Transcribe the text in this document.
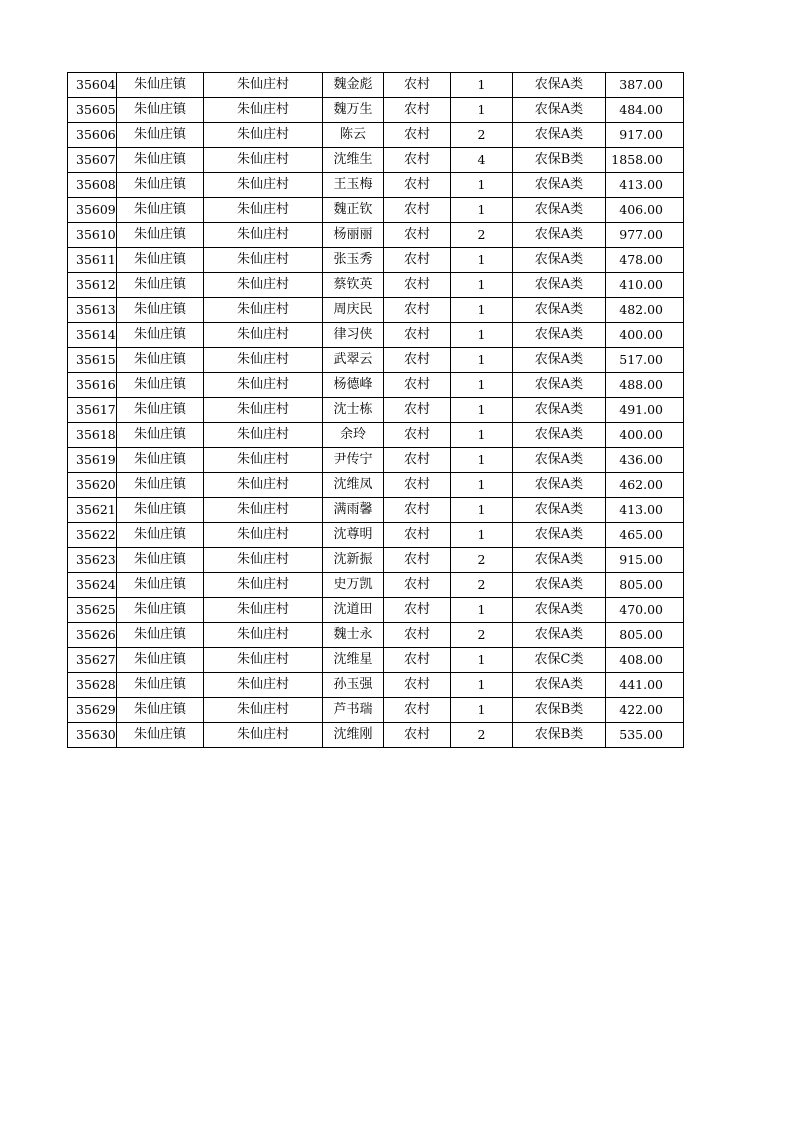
35604	朱仙庄镇	朱仙庄村	魏金彪	农村	1	农保A类	387.00
35605	朱仙庄镇	朱仙庄村	魏万生	农村	1	农保A类	484.00
35606	朱仙庄镇	朱仙庄村	陈云	农村	2	农保A类	917.00
35607	朱仙庄镇	朱仙庄村	沈维生	农村	4	农保B类	1858.00
35608	朱仙庄镇	朱仙庄村	王玉梅	农村	1	农保A类	413.00
35609	朱仙庄镇	朱仙庄村	魏正钦	农村	1	农保A类	406.00
35610	朱仙庄镇	朱仙庄村	杨丽丽	农村	2	农保A类	977.00
35611	朱仙庄镇	朱仙庄村	张玉秀	农村	1	农保A类	478.00
35612	朱仙庄镇	朱仙庄村	蔡钦英	农村	1	农保A类	410.00
35613	朱仙庄镇	朱仙庄村	周庆民	农村	1	农保A类	482.00
35614	朱仙庄镇	朱仙庄村	律习侠	农村	1	农保A类	400.00
35615	朱仙庄镇	朱仙庄村	武翠云	农村	1	农保A类	517.00
35616	朱仙庄镇	朱仙庄村	杨德峰	农村	1	农保A类	488.00
35617	朱仙庄镇	朱仙庄村	沈士栋	农村	1	农保A类	491.00
35618	朱仙庄镇	朱仙庄村	余玲	农村	1	农保A类	400.00
35619	朱仙庄镇	朱仙庄村	尹传宁	农村	1	农保A类	436.00
35620	朱仙庄镇	朱仙庄村	沈维凤	农村	1	农保A类	462.00
35621	朱仙庄镇	朱仙庄村	满雨馨	农村	1	农保A类	413.00
35622	朱仙庄镇	朱仙庄村	沈尊明	农村	1	农保A类	465.00
35623	朱仙庄镇	朱仙庄村	沈新振	农村	2	农保A类	915.00
35624	朱仙庄镇	朱仙庄村	史万凯	农村	2	农保A类	805.00
35625	朱仙庄镇	朱仙庄村	沈道田	农村	1	农保A类	470.00
35626	朱仙庄镇	朱仙庄村	魏士永	农村	2	农保A类	805.00
35627	朱仙庄镇	朱仙庄村	沈维星	农村	1	农保C类	408.00
35628	朱仙庄镇	朱仙庄村	孙玉强	农村	1	农保A类	441.00
35629	朱仙庄镇	朱仙庄村	芦书瑞	农村	1	农保B类	422.00
35630	朱仙庄镇	朱仙庄村	沈维刚	农村	2	农保B类	535.00
